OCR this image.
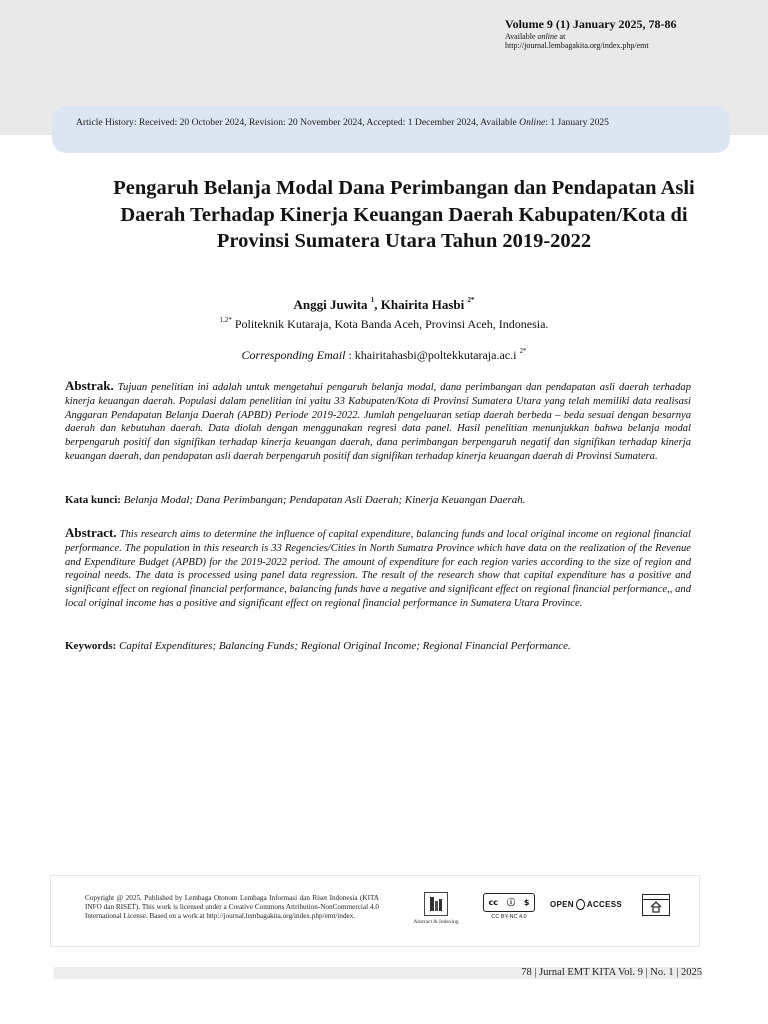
Volume 9 (1) January 2025, 78-86
Available online at
http://journal.lembagakita.org/index.php/emt
Article History: Received: 20 October 2024, Revision: 20 November 2024, Accepted: 1 December 2024, Available Online: 1 January 2025
Pengaruh Belanja Modal Dana Perimbangan dan Pendapatan Asli Daerah Terhadap Kinerja Keuangan Daerah Kabupaten/Kota di Provinsi Sumatera Utara Tahun 2019-2022
Anggi Juwita $^1$, Khairita Hasbi $^{2*}$
$^{1,2*}$ Politeknik Kutaraja, Kota Banda Aceh, Provinsi Aceh, Indonesia.
Corresponding Email : khairitahasbi@poltekkutaraja.ac.i $^{2*}$
Abstrak. Tujuan penelitian ini adalah untuk mengetahui pengaruh belanja modal, dana perimbangan dan pendapatan asli daerah terhadap kinerja keuangan daerah. Populasi dalam penelitian ini yaitu 33 Kabupaten/Kota di Provinsi Sumatera Utara yang telah memiliki data realisasi Anggaran Pendapatan Belanja Daerah (APBD) Periode 2019-2022. Jumlah pengeluaran setiap daerah berbeda – beda sesuai dengan besarnya daerah dan kebutuhan daerah. Data diolah dengan menggunakan regresi data panel. Hasil penelitian menunjukkan bahwa belanja modal berpengaruh positif dan signifikan terhadap kinerja keuangan daerah, dana perimbangan berpengaruh negatif dan signifikan terhadap kinerja keuangan daerah, dan pendapatan asli daerah berpengaruh positif dan signifikan terhadap kinerja keuangan daerah di Provinsi Sumatera.
Kata kunci: Belanja Modal; Dana Perimbangan; Pendapatan Asli Daerah; Kinerja Keuangan Daerah.
Abstract. This research aims to determine the influence of capital expenditure, balancing funds and local original income on regional financial performance. The population in this research is 33 Regencies/Cities in North Sumatra Province which have data on the realization of the Revenue and Expenditure Budget (APBD) for the 2019-2022 period. The amount of expenditure for each region varies according to the size of region and regoinal needs. The data is processed using panel data regression. The result of the research show that capital expenditure has a positive and significant effect on regional financial performance, balancing funds have a negative and significant effect on regional financial performance,, and local original income has a positive and significant effect on regional financial performance in Sumatera Utara Province.
Keywords: Capital Expenditures; Balancing Funds; Regional Original Income; Regional Financial Performance.
Copyright @ 2025. Published by Lembaga Otonom Lembaga Informasi dan Riset Indonesia (KITA INFO dan RISET). This work is licensed under a Creative Commons Attribution-NonCommercial 4.0 International License. Based on a work at http://journal.lembagakita.org/index.php/emt/index.
Abstract & Indexing
cc ⓘ $
CC BY-NC 4.0
OPEN ACCESS
78 | Jurnal EMT KITA Vol. 9 | No. 1 | 2025
